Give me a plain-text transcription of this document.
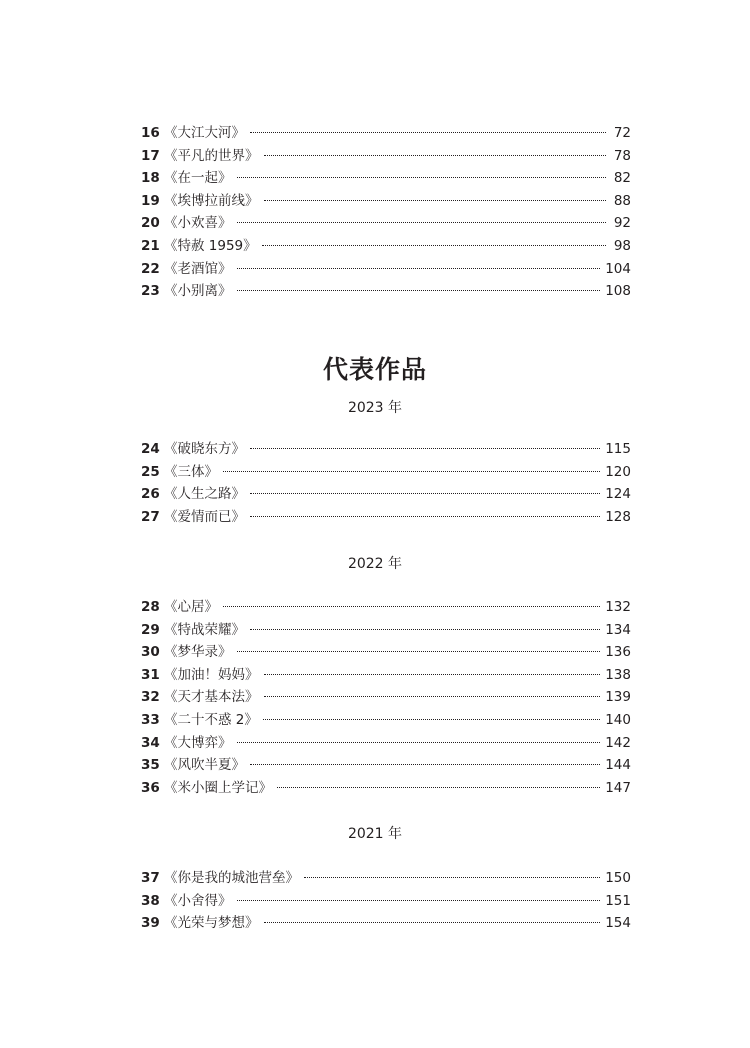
16 《大江大河》	72
17 《平凡的世界》	78
18 《在一起》	82
19 《埃博拉前线》	88
20 《小欢喜》	92
21 《特赦 1959》	98
22 《老酒馆》	104
23 《小别离》	108
代表作品
2023 年
24 《破晓东方》	115
25 《三体》	120
26 《人生之路》	124
27 《爱情而已》	128
2022 年
28 《心居》	132
29 《特战荣耀》	134
30 《梦华录》	136
31 《加油！妈妈》	138
32 《天才基本法》	139
33 《二十不惑 2》	140
34 《大博弈》	142
35 《风吹半夏》	144
36 《米小圈上学记》	147
2021 年
37 《你是我的城池营垒》	150
38 《小舍得》	151
39 《光荣与梦想》	154
